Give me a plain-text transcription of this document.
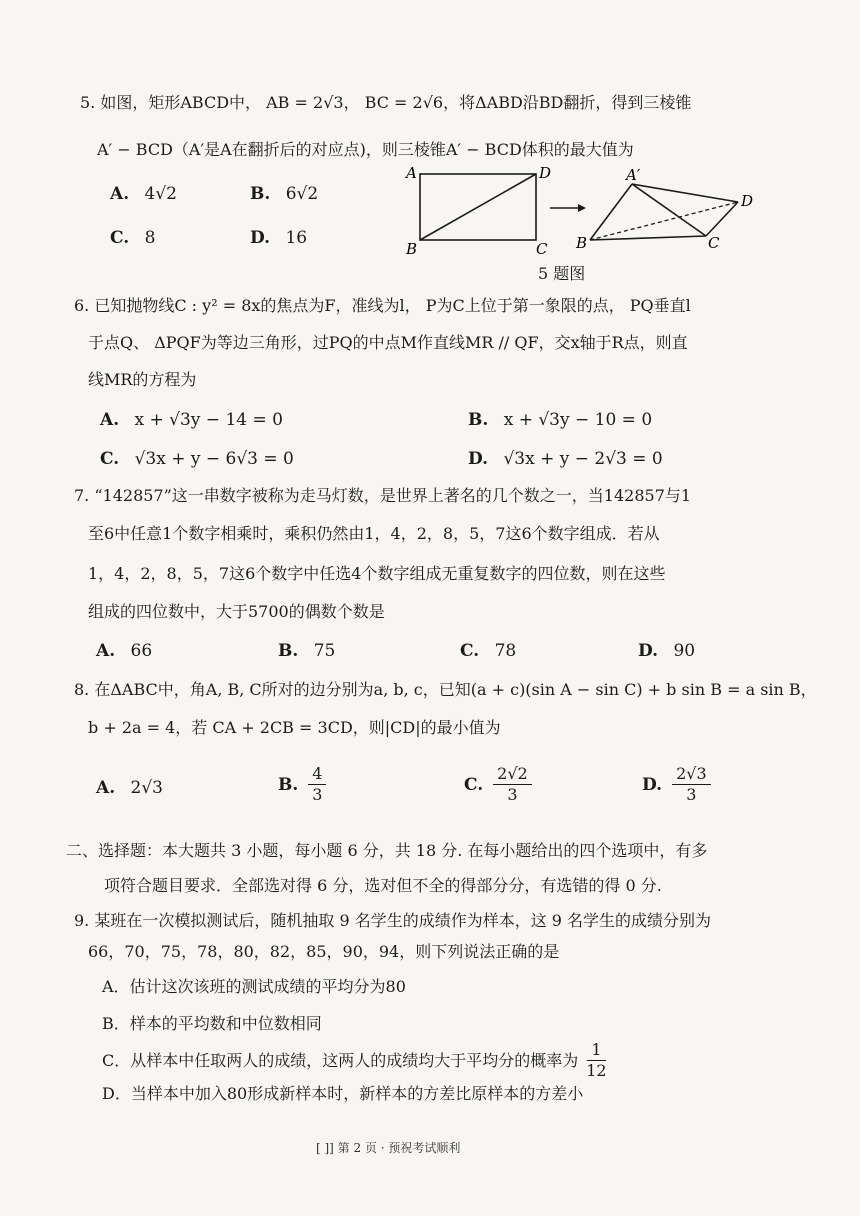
5. 如图，矩形ABCD中， AB = 2√3， BC = 2√6，将ΔABD沿BD翻折，得到三棱锥
A′ − BCD（A′是A在翻折后的对应点)，则三棱锥A′ − BCD体积的最大值为
A. 4√2	B. 6√2
C. 8	D. 16
A	D
B	C
A′
D
B	C
5 题图
6. 已知抛物线C : y² = 8x的焦点为F，准线为l， P为C上位于第一象限的点， PQ垂直l
于点Q、 ΔPQF为等边三角形，过PQ的中点M作直线MR // QF，交x轴于R点，则直
线MR的方程为
A. x + √3y − 14 = 0	B. x + √3y − 10 = 0
C. √3x + y − 6√3 = 0	D. √3x + y − 2√3 = 0
7. “142857”这一串数字被称为走马灯数，是世界上著名的几个数之一，当142857与1
至6中任意1个数字相乘时，乘积仍然由1，4，2，8，5，7这6个数字组成．若从
1，4，2，8，5，7这6个数字中任选4个数字组成无重复数字的四位数，则在这些
组成的四位数中，大于5700的偶数个数是
A. 66	B. 75	C. 78	D. 90
8. 在ΔABC中，角A, B, C所对的边分别为a, b, c，已知(a + c)(sin A − sin C) + b sin B = a sin B，
b + 2a = 4，若 CA + 2CB = 3CD，则|CD|的最小值为
A. 2√3	B. $\frac{4}{3}$	C. $\frac{2√2}{3}$	D. $\frac{2√3}{3}$
二、选择题：本大题共 3 小题，每小题 6 分，共 18 分. 在每小题给出的四个选项中，有多
项符合题目要求．全部选对得 6 分，选对但不全的得部分分，有选错的得 0 分.
9. 某班在一次模拟测试后，随机抽取 9 名学生的成绩作为样本，这 9 名学生的成绩分别为
66，70，75，78，80，82，85，90，94，则下列说法正确的是
A．估计这次该班的测试成绩的平均分为80
B．样本的平均数和中位数相同
C．从样本中任取两人的成绩，这两人的成绩均大于平均分的概率为 $\frac{1}{12}$
D．当样本中加入80形成新样本时，新样本的方差比原样本的方差小
[ ]] 第 2 页 · 预祝考试顺利
